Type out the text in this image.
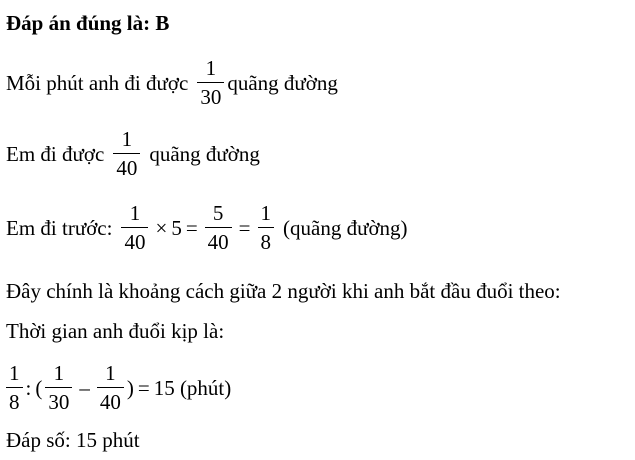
Đáp án đúng là: B
Mỗi phút anh đi được $\frac{1}{30}$ quãng đường
Em đi được $\frac{1}{40}$ quãng đường
Em đi trước: $\frac{1}{40} \times 5 = \frac{5}{40} = \frac{1}{8}$ (quãng đường)
Đây chính là khoảng cách giữa 2 người khi anh bắt đầu đuổi theo:
Thời gian anh đuổi kịp là:
$\frac{1}{8}$ : ( $\frac{1}{30} - \frac{1}{40}$ ) = 15 (phút)
Đáp số: 15 phút
